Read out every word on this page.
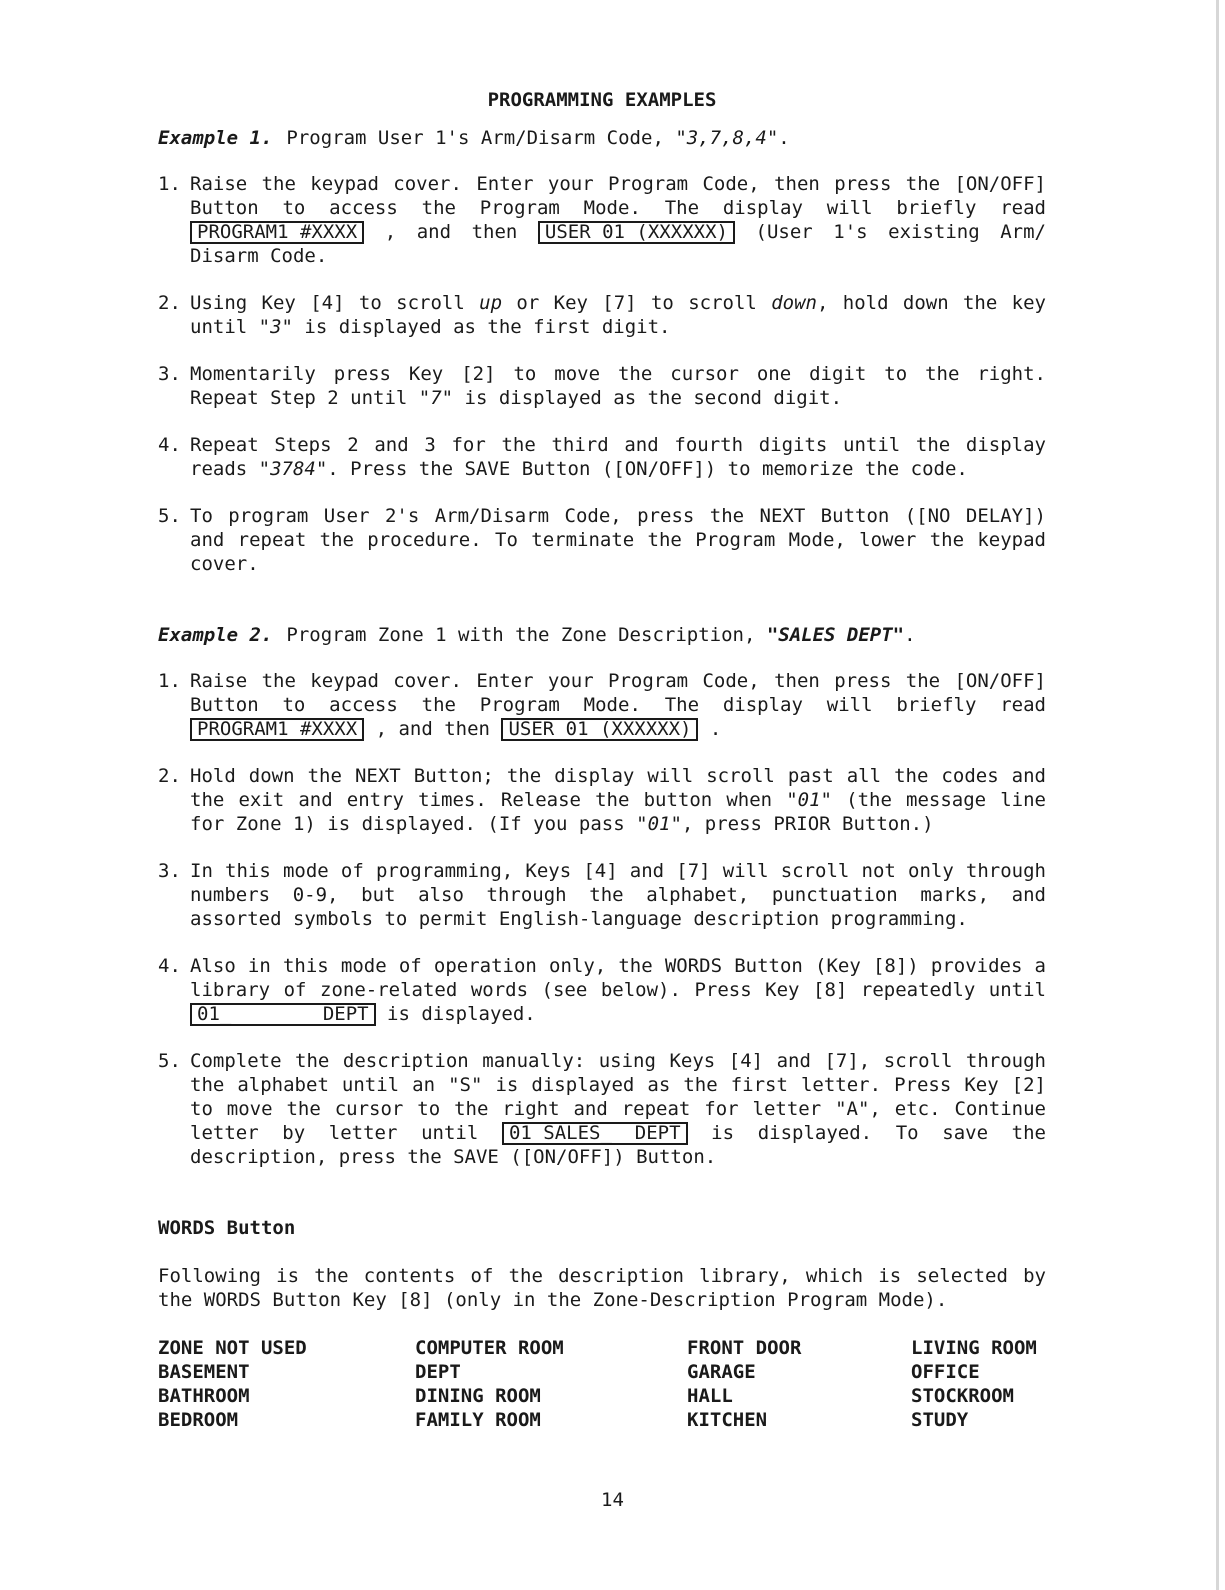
PROGRAMMING EXAMPLES
Example 1. Program User 1's Arm/Disarm Code, "3,7,8,4".
1. Raise the keypad cover. Enter your Program Code, then press the [ON/OFF] Button to access the Program Mode. The display will briefly read PROGRAM1 #XXXX , and then USER 01 (XXXXXX) (User 1's existing Arm/ Disarm Code.
2. Using Key [4] to scroll up or Key [7] to scroll down, hold down the key until "3" is displayed as the first digit.
3. Momentarily press Key [2] to move the cursor one digit to the right. Repeat Step 2 until "7" is displayed as the second digit.
4. Repeat Steps 2 and 3 for the third and fourth digits until the display reads "3784". Press the SAVE Button ([ON/OFF]) to memorize the code.
5. To program User 2's Arm/Disarm Code, press the NEXT Button ([NO DELAY]) and repeat the procedure. To terminate the Program Mode, lower the keypad cover.
Example 2. Program Zone 1 with the Zone Description, "SALES DEPT".
1. Raise the keypad cover. Enter your Program Code, then press the [ON/OFF] Button to access the Program Mode. The display will briefly read PROGRAM1 #XXXX , and then USER 01 (XXXXXX) .
2. Hold down the NEXT Button; the display will scroll past all the codes and the exit and entry times. Release the button when "01" (the message line for Zone 1) is displayed. (If you pass "01", press PRIOR Button.)
3. In this mode of programming, Keys [4] and [7] will scroll not only through numbers 0-9, but also through the alphabet, punctuation marks, and assorted symbols to permit English-language description programming.
4. Also in this mode of operation only, the WORDS Button (Key [8]) provides a library of zone-related words (see below). Press Key [8] repeatedly until 01_        DEPT is displayed.
5. Complete the description manually: using Keys [4] and [7], scroll through the alphabet until an "S" is displayed as the first letter. Press Key [2] to move the cursor to the right and repeat for letter "A", etc. Continue letter by letter until 01 SALES_  DEPT is displayed. To save the description, press the SAVE ([ON/OFF]) Button.
WORDS Button
Following is the contents of the description library, which is selected by the WORDS Button Key [8] (only in the Zone-Description Program Mode).
ZONE NOT USED	COMPUTER ROOM	FRONT DOOR	LIVING ROOM
BASEMENT	DEPT	GARAGE	OFFICE
BATHROOM	DINING ROOM	HALL	STOCKROOM
BEDROOM	FAMILY ROOM	KITCHEN	STUDY
14
